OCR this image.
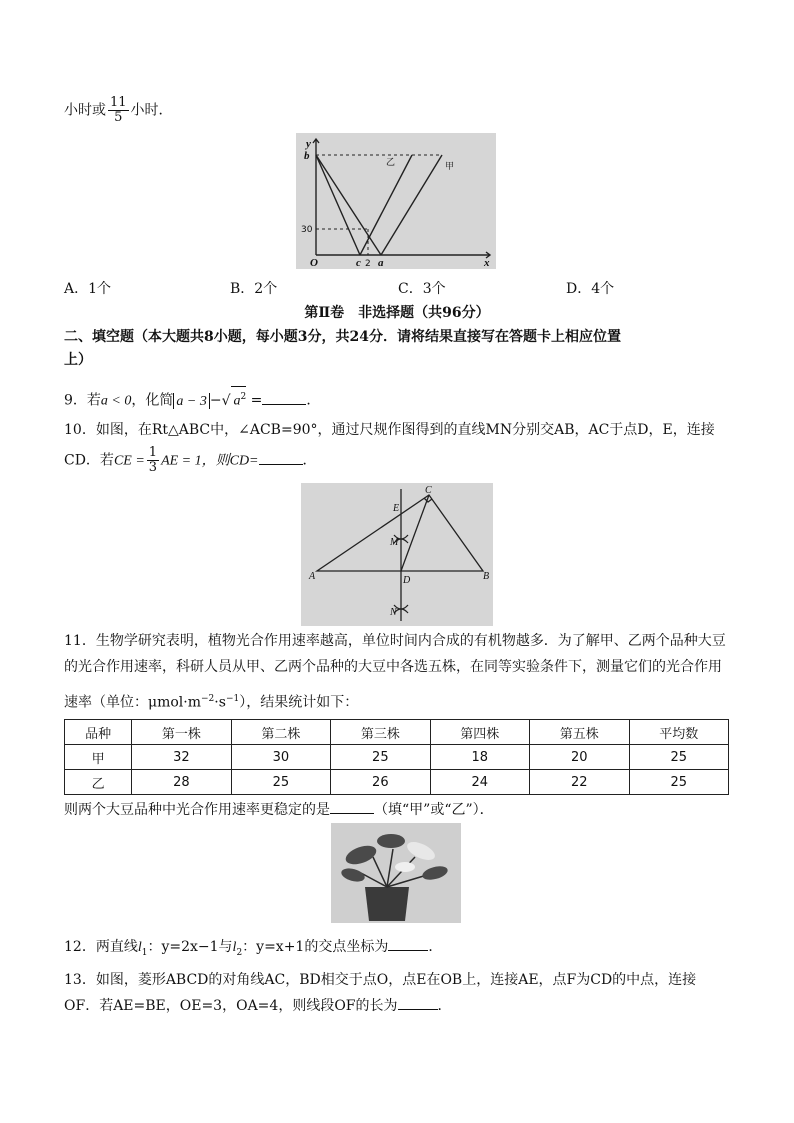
小时或 $\frac{11}{5}$ 小时．
y
x
O
b
c a
30
2
乙	甲
A．1个	B．2个	C．3个	D．4个
第Ⅱ卷　非选择题（共96分）
二、填空题（本大题共8小题，每小题3分，共24分．请将结果直接写在答题卡上相应位置
上）
9．若a < 0，化简 a − 3 −√ $a^2$ =	．
10．如图，在Rt△ABC中，∠ACB=90°，通过尺规作图得到的直线MN分别交AB，AC于点D，E，连接
CD．若CE = $\frac{1}{3}$ AE = 1，则CD=	．
A	B
C
D
E
M
N
11．生物学研究表明，植物光合作用速率越高，单位时间内合成的有机物越多．为了解甲、乙两个品种大豆
的光合作用速率，科研人员从甲、乙两个品种的大豆中各选五株，在同等实验条件下，测量它们的光合作用
速率（单位：$\mu mol\cdot m^{-2}\cdot s^{-1}$），结果统计如下：
品种	第一株	第二株	第三株	第四株	第五株	平均数
甲	32	30	25	18	20	25
乙	28	25	26	24	22	25
则两个大豆品种中光合作用速率更稳定的是	（填“甲”或“乙”）．
12．两直线$l_1$：y=2x−1与$l_2$：y=x+1的交点坐标为	．
13．如图，菱形ABCD的对角线AC，BD相交于点O，点E在OB上，连接AE，点F为CD的中点，连接
OF．若AE=BE，OE=3，OA=4，则线段OF的长为	．
